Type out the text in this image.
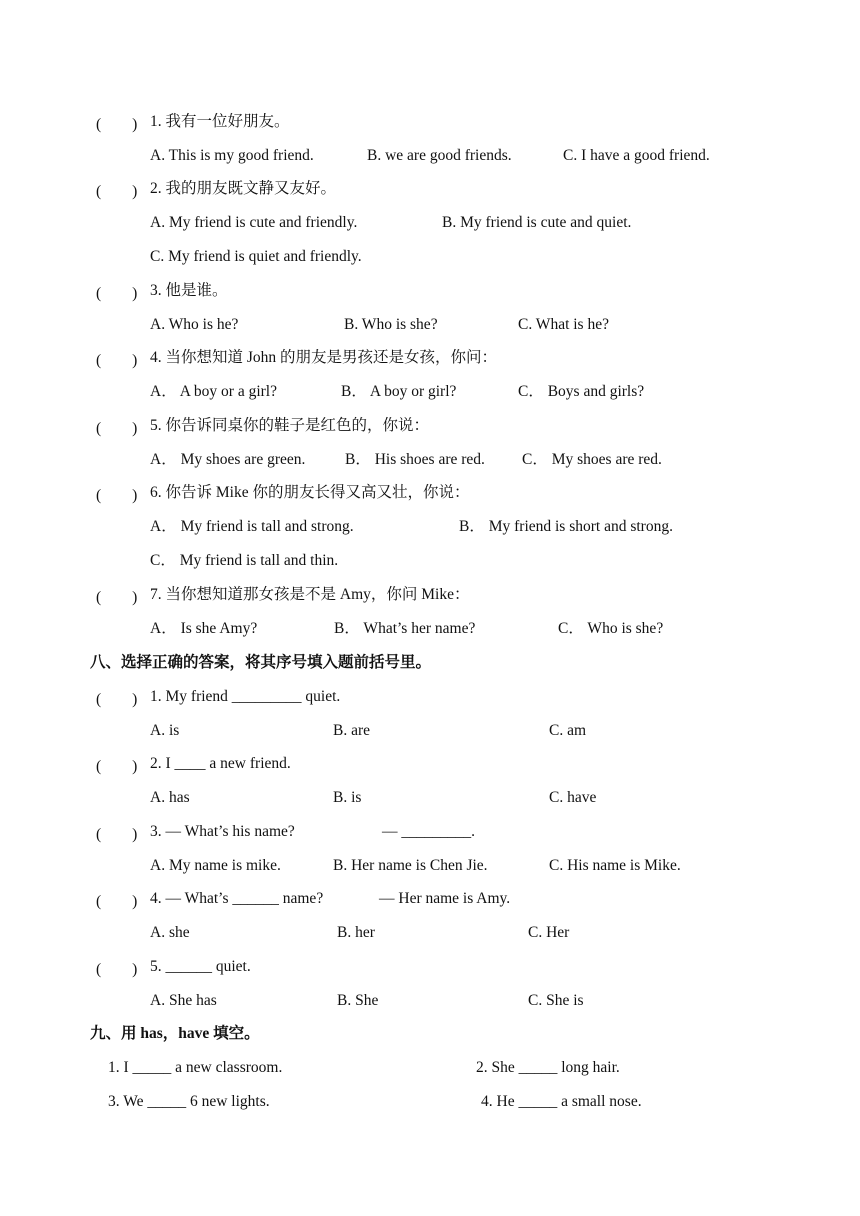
(　　) 1. 我有一位好朋友。
A. This is my good friend.	B. we are good friends.	C. I have a good friend.
(　　) 2. 我的朋友既文静又友好。
A. My friend is cute and friendly.	B. My friend is cute and quiet.
C. My friend is quiet and friendly.
(　　) 3. 他是谁。
A. Who is he?	B. Who is she?	C. What is he?
(　　) 4. 当你想知道 John 的朋友是男孩还是女孩，你问：
A． A boy or a girl?	B． A boy or girl?	C． Boys and girls?
(　　) 5. 你告诉同桌你的鞋子是红色的，你说：
A． My shoes are green.	B． His shoes are red. C． My shoes are red.
(　　) 6. 你告诉 Mike 你的朋友长得又高又壮，你说：
A． My friend is tall and strong.	B． My friend is short and strong.
C． My friend is tall and thin.
(　　) 7. 当你想知道那女孩是不是 Amy，你问 Mike：
A． Is she Amy?	B． What’s her name?	C． Who is she?
八、选择正确的答案，将其序号填入题前括号里。
(　　) 1. My friend _________ quiet.
A. is	B. are	C. am
(　　) 2. I ____ a new friend.
A. has	B. is	C. have
(　　) 3. — What’s his name?	— _________.
A. My name is mike.	B. Her name is Chen Jie.	C. His name is Mike.
(　　) 4. — What’s ______ name?	— Her name is Amy.
A. she	B. her	C. Her
(　　) 5. ______ quiet.
A. She has	B. She	C. She is
九、用 has，have 填空。
1. I _____ a new classroom.	2. She _____ long hair.
3. We _____ 6 new lights.	4. He _____ a small nose.
